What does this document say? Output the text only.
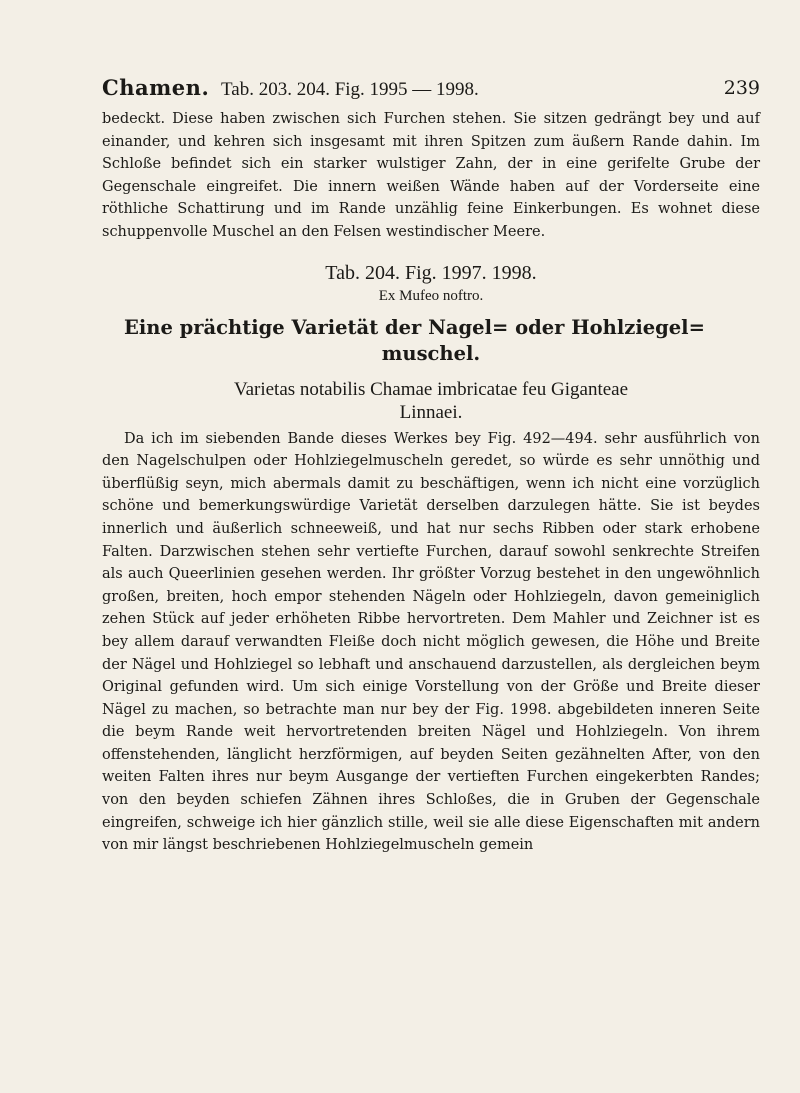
Chamen. Tab. 203. 204. Fig. 1995 — 1998.	239

bedeckt. Diese haben zwischen sich Furchen stehen. Sie sitzen gedrängt bey und auf einander, und kehren sich insgesamt mit ihren Spitzen zum äußern Rande dahin. Im Schloße befindet sich ein starker wulstiger Zahn, der in eine gerifelte Grube der Gegenschale eingreifet. Die innern weißen Wände haben auf der Vorderseite eine röthliche Schattirung und im Rande unzählig feine Einkerbungen. Es wohnet diese schuppenvolle Muschel an den Felsen westindischer Meere.

Tab. 204. Fig. 1997. 1998.

Ex Mufeo noftro.

Eine prächtige Varietät der Nagel= oder Hohlziegel=

muschel.

Varietas notabilis Chamae imbricatae feu Giganteae

Linnaei.

Da ich im siebenden Bande dieses Werkes bey Fig. 492—494. sehr ausführlich von den Nagelschulpen oder Hohlziegelmuscheln geredet, so würde es sehr unnöthig und überflüßig seyn, mich abermals damit zu beschäftigen, wenn ich nicht eine vorzüglich schöne und bemerkungswürdige Varietät derselben darzulegen hätte. Sie ist beydes innerlich und äußerlich schneeweiß, und hat nur sechs Ribben oder stark erhobene Falten. Darzwischen stehen sehr vertiefte Furchen, darauf sowohl senkrechte Streifen als auch Queerlinien gesehen werden. Ihr größter Vorzug bestehet in den ungewöhnlich großen, breiten, hoch empor stehenden Nägeln oder Hohlziegeln, davon gemeiniglich zehen Stück auf jeder erhöheten Ribbe hervortreten. Dem Mahler und Zeichner ist es bey allem darauf verwandten Fleiße doch nicht möglich gewesen, die Höhe und Breite der Nägel und Hohlziegel so lebhaft und anschauend darzustellen, als dergleichen beym Original gefunden wird. Um sich einige Vorstellung von der Größe und Breite dieser Nägel zu machen, so betrachte man nur bey der Fig. 1998. abgebildeten inneren Seite die beym Rande weit hervortretenden breiten Nägel und Hohlziegeln. Von ihrem offenstehenden, länglicht herzförmigen, auf beyden Seiten gezähnelten After, von den weiten Falten ihres nur beym Ausgange der vertieften Furchen eingekerbten Randes; von den beyden schiefen Zähnen ihres Schloßes, die in Gruben der Gegenschale eingreifen, schweige ich hier gänzlich stille, weil sie alle diese Eigenschaften mit andern von mir längst beschriebenen Hohlziegelmuscheln gemein
